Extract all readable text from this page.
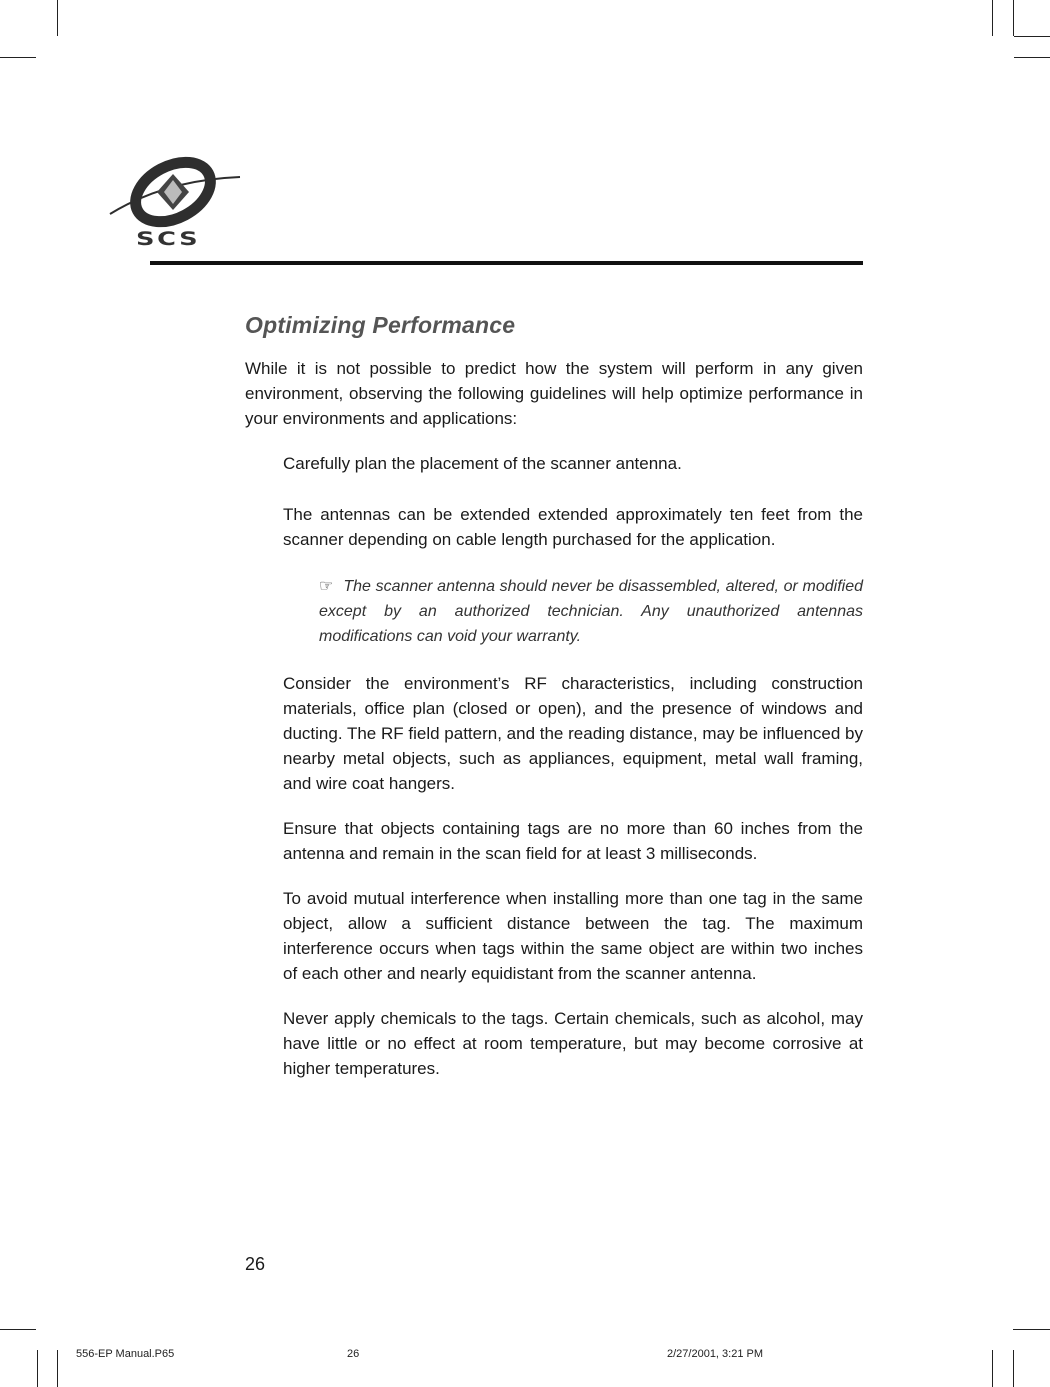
SCS
Optimizing Performance

While it is not possible to predict how the system will perform in any given environment, observing the following guidelines will help optimize performance in your environments and applications:

Carefully plan the placement of the scanner antenna.

The antennas can be extended extended approximately ten feet from the scanner depending on cable length purchased for the application.

☞ The scanner antenna should never be disassembled, altered, or modified except by an authorized technician. Any unauthorized antennas modifications can void your warranty.

Consider the environment’s RF characteristics, including construction materials, office plan (closed or open), and the presence of windows and ducting. The RF field pattern, and the reading distance, may be influenced by nearby metal objects, such as appliances, equipment, metal wall framing, and wire coat hangers.

Ensure that objects containing tags are no more than 60 inches from the antenna and remain in the scan field for at least 3 milliseconds.

To avoid mutual interference when installing more than one tag in the same object, allow a sufficient distance between the tag. The maximum interference occurs when tags within the same object are within two inches of each other and nearly equidistant from the scanner antenna.

Never apply chemicals to the tags. Certain chemicals, such as alcohol, may have little or no effect at room temperature, but may become corrosive at higher temperatures.

26
556-EP Manual.P65	26	2/27/2001, 3:21 PM
